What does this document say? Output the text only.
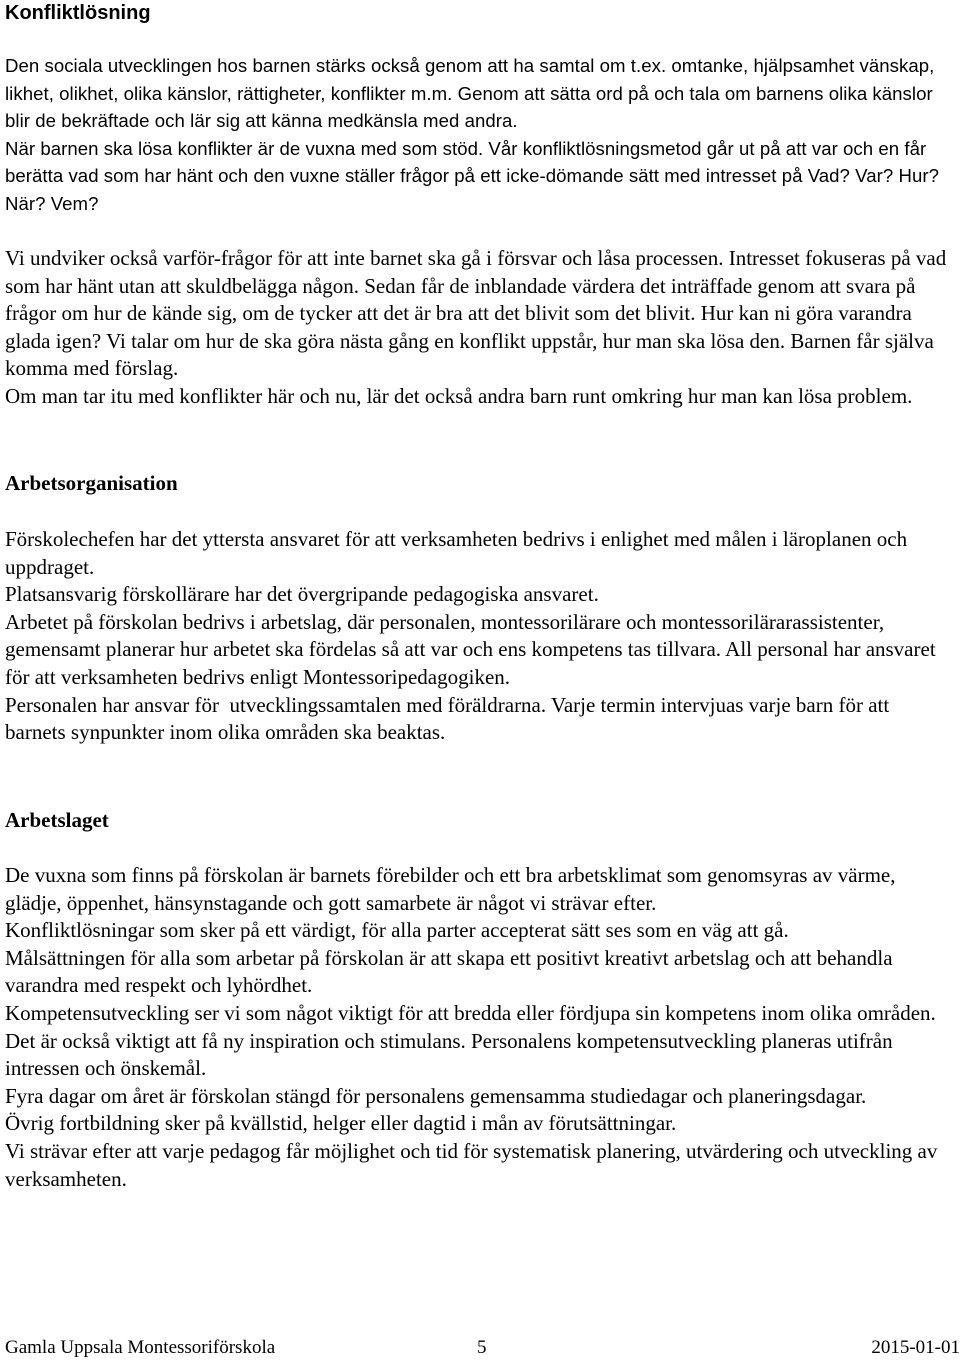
Konfliktlösning

Den sociala utvecklingen hos barnen stärks också genom att ha samtal om t.ex. omtanke, hjälpsamhet vänskap, likhet, olikhet, olika känslor, rättigheter, konflikter m.m. Genom att sätta ord på och tala om barnens olika känslor blir de bekräftade och lär sig att känna medkänsla med andra.

När barnen ska lösa konflikter är de vuxna med som stöd. Vår konfliktlösningsmetod går ut på att var och en får berätta vad som har hänt och den vuxne ställer frågor på ett icke-dömande sätt med intresset på Vad? Var? Hur? När? Vem?

Vi undviker också varför-frågor för att inte barnet ska gå i försvar och låsa processen. Intresset fokuseras på vad som har hänt utan att skuldbelägga någon. Sedan får de inblandade värdera det inträffade genom att svara på frågor om hur de kände sig, om de tycker att det är bra att det blivit som det blivit. Hur kan ni göra varandra glada igen? Vi talar om hur de ska göra nästa gång en konflikt uppstår, hur man ska lösa den. Barnen får själva komma med förslag.

Om man tar itu med konflikter här och nu, lär det också andra barn runt omkring hur man kan lösa problem.

Arbetsorganisation

Förskolechefen har det yttersta ansvaret för att verksamheten bedrivs i enlighet med målen i läroplanen och uppdraget.

Platsansvarig förskollärare har det övergripande pedagogiska ansvaret.

Arbetet på förskolan bedrivs i arbetslag, där personalen, montessorilärare och montessorilärarassistenter, gemensamt planerar hur arbetet ska fördelas så att var och ens kompetens tas tillvara. All personal har ansvaret för att verksamheten bedrivs enligt Montessoripedagogiken.

Personalen har ansvar för  utvecklingssamtalen med föräldrarna. Varje termin intervjuas varje barn för att barnets synpunkter inom olika områden ska beaktas.

Arbetslaget

De vuxna som finns på förskolan är barnets förebilder och ett bra arbetsklimat som genomsyras av värme, glädje, öppenhet, hänsynstagande och gott samarbete är något vi strävar efter.

Konfliktlösningar som sker på ett värdigt, för alla parter accepterat sätt ses som en väg att gå.

Målsättningen för alla som arbetar på förskolan är att skapa ett positivt kreativt arbetslag och att behandla varandra med respekt och lyhördhet.

Kompetensutveckling ser vi som något viktigt för att bredda eller fördjupa sin kompetens inom olika områden. Det är också viktigt att få ny inspiration och stimulans. Personalens kompetensutveckling planeras utifrån intressen och önskemål.

Fyra dagar om året är förskolan stängd för personalens gemensamma studiedagar och planeringsdagar.

Övrig fortbildning sker på kvällstid, helger eller dagtid i mån av förutsättningar.

Vi strävar efter att varje pedagog får möjlighet och tid för systematisk planering, utvärdering och utveckling av verksamheten.

Gamla Uppsala Montessoriförskola	5	2015-01-01
